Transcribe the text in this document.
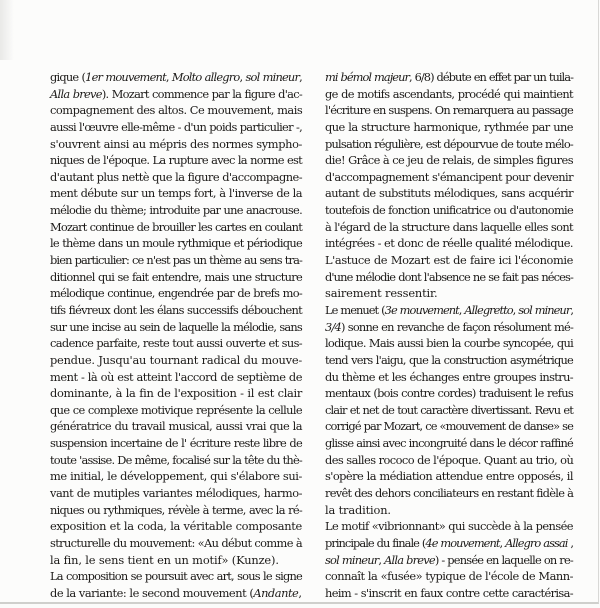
gique (1er mouvement, Molto allegro, sol mineur,
Alla breve). Mozart commence par la figure d'ac-
compagnement des altos. Ce mouvement, mais
aussi l'œuvre elle-même - d'un poids particulier -,
s'ouvrent ainsi au mépris des normes sympho-
niques de l'époque. La rupture avec la norme est
d'autant plus nettè que la figure d'accompagne-
ment débute sur un temps fort, à l'inverse de la
mélodie du thème; introduite par une anacrouse.
Mozart continue de brouiller les cartes en coulant
le thème dans un moule rythmique et périodique
bien particulier: ce n'est pas un thème au sens tra-
ditionnel qui se fait entendre, mais une structure
mélodique continue, engendrée par de brefs mo-
tifs fiévreux dont les élans successifs débouchent
sur une incise au sein de laquelle la mélodie, sans
cadence parfaite, reste tout aussi ouverte et sus-
pendue. Jusqu'au tournant radical du mouve-
ment - là où est atteint l'accord de septième de
dominante, à la fin de l'exposition - il est clair
que ce complexe motivique représente la cellule
génératrice du travail musical, aussi vrai que la
suspension incertaine de l' écriture reste libre de
toute 'assise. De même, focalisé sur la tête du thè-
me initial, le développement, qui s'élabore sui-
vant de mutiples variantes mélodiques, harmo-
niques ou rythmiques, révèle à terme, avec la ré-
exposition et la coda, la véritable composante
structurelle du mouvement: «Au début comme à
la fin, le sens tient en un motif» (Kunze).
La composition se poursuit avec art, sous le signe
de la variante: le second mouvement (Andante,
mi bémol majeur, 6/8) débute en effet par un tuila-
ge de motifs ascendants, procédé qui maintient
l'écriture en suspens. On remarquera au passage
que la structure harmonique, rythmée par une
pulsation régulière, est dépourvue de toute mélo-
die! Grâce à ce jeu de relais, de simples figures
d'accompagnement s'émancipent pour devenir
autant de substituts mélodiques, sans acquérir
toutefois de fonction unificatrice ou d'autonomie
à l'égard de la structure dans laquelle elles sont
intégrées - et donc de réelle qualité mélodique.
L'astuce de Mozart est de faire ici l'économie
d'une mélodie dont l'absence ne se fait pas néces-
sairement ressentir.
Le menuet (3e mouvement, Allegretto, sol mineur,
3/4) sonne en revanche de façon résolument mé-
lodique. Mais aussi bien la courbe syncopée, qui
tend vers l'aigu, que la construction asymétrique
du thème et les échanges entre groupes instru-
mentaux (bois contre cordes) traduisent le refus
clair et net de tout caractère divertissant. Revu et
corrigé par Mozart, ce «mouvement de danse» se
glisse ainsi avec incongruité dans le décor raffiné
des salles rococo de l'époque. Quant au trio, où
s'opère la médiation attendue entre opposés, il
revêt des dehors conciliateurs en restant fidèle à
la tradition.
Le motif «vibrionnant» qui succède à la pensée
principale du finale (4e mouvement, Allegro assai ,
sol mineur, Alla breve) - pensée en laquelle on re-
connaît la «fusée» typique de l'école de Mann-
heim - s'inscrit en faux contre cette caractérisa-
